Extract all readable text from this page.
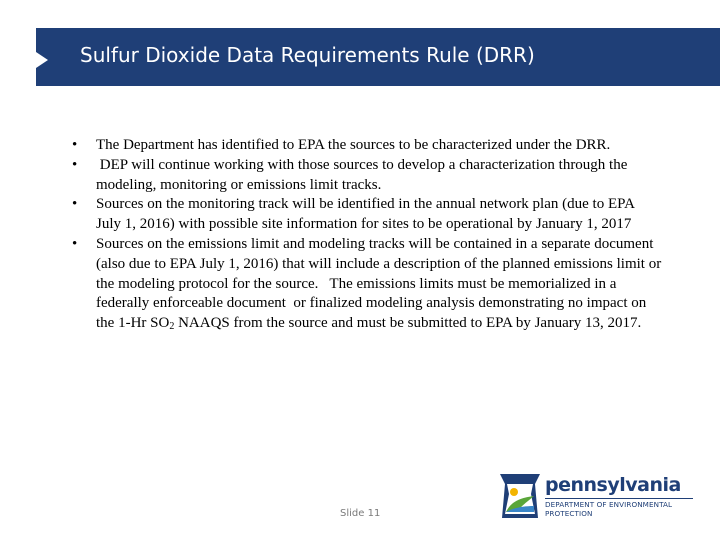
Sulfur Dioxide Data Requirements Rule (DRR)
•	The Department has identified to EPA the sources to be characterized under the DRR.
•	DEP will continue working with those sources to develop a characterization through the modeling, monitoring or emissions limit tracks.
•	Sources on the monitoring track will be identified in the annual network plan (due to EPA July 1, 2016) with possible site information for sites to be operational by January 1, 2017
•	Sources on the emissions limit and modeling tracks will be contained in a separate document (also due to EPA July 1, 2016) that will include a description of the planned emissions limit or the modeling protocol for the source.   The emissions limits must be memorialized in a federally enforceable document  or finalized modeling analysis demonstrating no impact on the 1-Hr $SO_2$ NAAQS from the source and must be submitted to EPA by January 13, 2017.
Slide 11
pennsylvania
DEPARTMENT OF ENVIRONMENTAL
PROTECTION
